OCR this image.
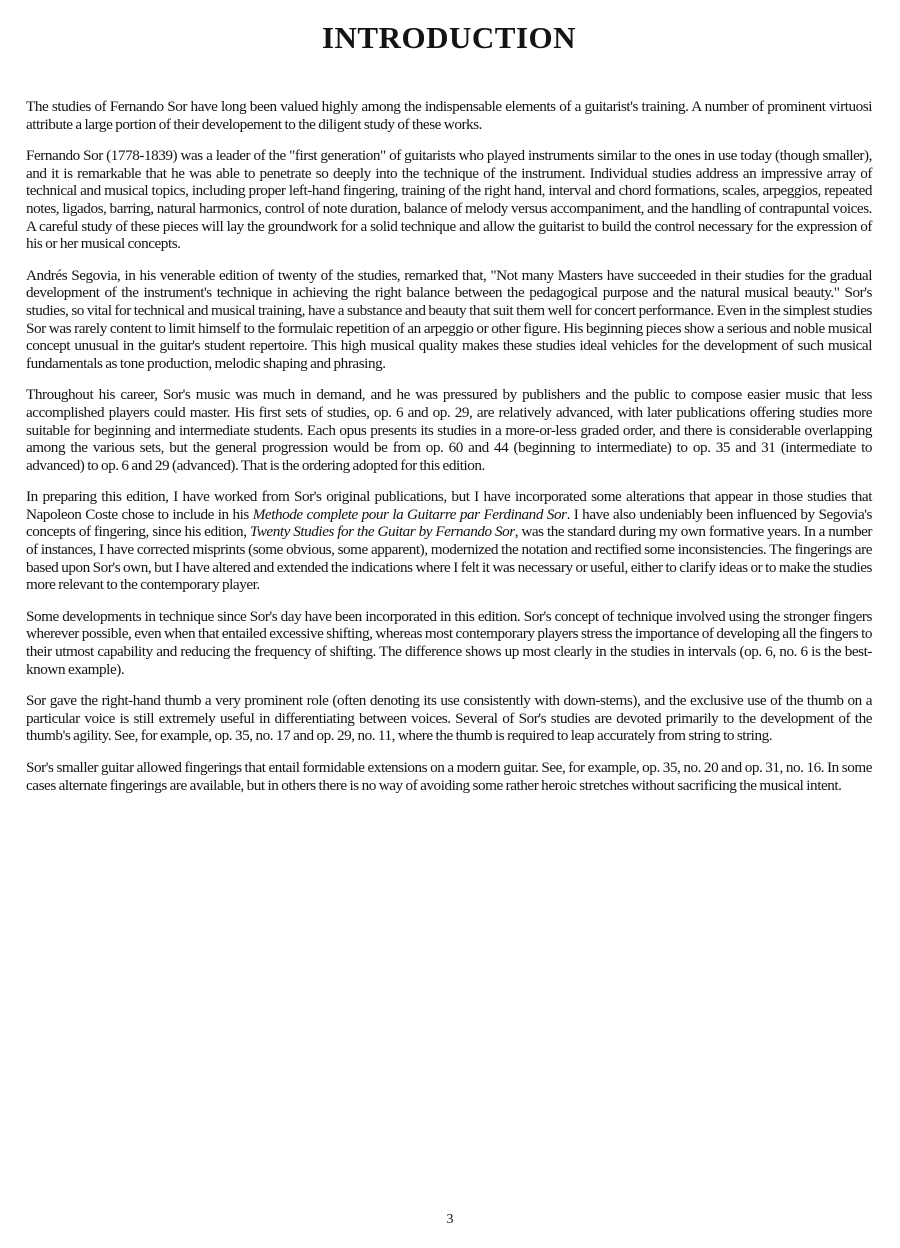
INTRODUCTION

The studies of Fernando Sor have long been valued highly among the indispensable elements of a guitarist's training. A number of prominent virtuosi attribute a large portion of their developement to the diligent study of these works.

Fernando Sor (1778-1839) was a leader of the "first generation" of guitarists who played instruments similar to the ones in use today (though smaller), and it is remarkable that he was able to penetrate so deeply into the technique of the instrument. Individual studies address an impressive array of technical and musical topics, including proper left-hand fingering, training of the right hand, interval and chord formations, scales, arpeggios, repeated notes, ligados, barring, natural harmonics, control of note duration, balance of melody versus accompaniment, and the handling of contrapuntal voices. A careful study of these pieces will lay the groundwork for a solid technique and allow the guitarist to build the control necessary for the expression of his or her musical concepts.

Andrés Segovia, in his venerable edition of twenty of the studies, remarked that, "Not many Masters have succeeded in their studies for the gradual development of the instrument's technique in achieving the right balance between the pedagogical purpose and the natural musical beauty." Sor's studies, so vital for technical and musical training, have a substance and beauty that suit them well for concert performance. Even in the simplest studies Sor was rarely content to limit himself to the formulaic repetition of an arpeggio or other figure. His beginning pieces show a serious and noble musical concept unusual in the guitar's student repertoire. This high musical quality makes these studies ideal vehicles for the development of such musical fundamentals as tone production, melodic shaping and phrasing.

Throughout his career, Sor's music was much in demand, and he was pressured by publishers and the public to compose easier music that less accomplished players could master. His first sets of studies, op. 6 and op. 29, are relatively advanced, with later publications offering studies more suitable for beginning and intermediate students. Each opus presents its studies in a more-or-less graded order, and there is considerable overlapping among the various sets, but the general progression would be from op. 60 and 44 (beginning to intermediate) to op. 35 and 31 (intermediate to advanced) to op. 6 and 29 (advanced). That is the ordering adopted for this edition.

In preparing this edition, I have worked from Sor's original publications, but I have incorporated some alterations that appear in those studies that Napoleon Coste chose to include in his Methode complete pour la Guitarre par Ferdinand Sor. I have also undeniably been influenced by Segovia's concepts of fingering, since his edition, Twenty Studies for the Guitar by Fernando Sor, was the standard during my own formative years. In a number of instances, I have corrected misprints (some obvious, some apparent), modernized the notation and rectified some inconsistencies. The fingerings are based upon Sor's own, but I have altered and extended the indications where I felt it was necessary or useful, either to clarify ideas or to make the studies more relevant to the contemporary player.

Some developments in technique since Sor's day have been incorporated in this edition. Sor's concept of technique involved using the stronger fingers wherever possible, even when that entailed excessive shifting, whereas most contemporary players stress the importance of developing all the fingers to their utmost capability and reducing the frequency of shifting. The difference shows up most clearly in the studies in intervals (op. 6, no. 6 is the best-known example).

Sor gave the right-hand thumb a very prominent role (often denoting its use consistently with down-stems), and the exclusive use of the thumb on a particular voice is still extremely useful in differentiating between voices. Several of Sor's studies are devoted primarily to the development of the thumb's agility. See, for example, op. 35, no. 17 and op. 29, no. 11, where the thumb is required to leap accurately from string to string.

Sor's smaller guitar allowed fingerings that entail formidable extensions on a modern guitar. See, for example, op. 35, no. 20 and op. 31, no. 16. In some cases alternate fingerings are available, but in others there is no way of avoiding some rather heroic stretches without sacrificing the musical intent.

3
